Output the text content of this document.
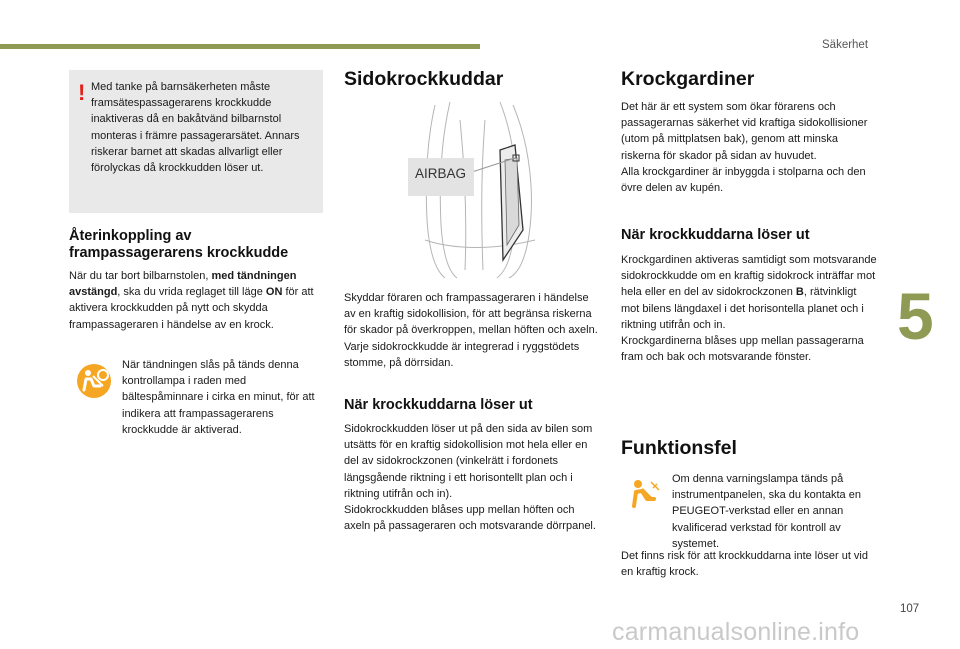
Säkerhet
5
! Med tanke på barnsäkerheten måste framsätespassagerarens krockkudde inaktiveras då en bakåtvänd bilbarnstol monteras i främre passagerarsätet. Annars riskerar barnet att skadas allvarligt eller förolyckas då krockkudden löser ut.
Återinkoppling av frampassagerarens krockkudde

När du tar bort bilbarnstolen, med tändningen avstängd, ska du vrida reglaget till läge ON för att aktivera krockkudden på nytt och skydda frampassageraren i händelse av en krock.

När tändningen slås på tänds denna kontrollampa i raden med bältespåminnare i cirka en minut, för att indikera att frampassagerarens krockkudde är aktiverad.

Sidokrockkuddar
AIRBAG

Skyddar föraren och frampassageraren i händelse av en kraftig sidokollision, för att begränsa riskerna för skador på överkroppen, mellan höften och axeln.

Varje sidokrockkudde är integrerad i ryggstödets stomme, på dörrsidan.

När krockkuddarna löser ut

Sidokrockkudden löser ut på den sida av bilen som utsätts för en kraftig sidokollision mot hela eller en del av sidokrockzonen (vinkelrätt i fordonets längsgående riktning i ett horisontellt plan och i riktning utifrån och in).

Sidokrockkudden blåses upp mellan höften och axeln på passageraren och motsvarande dörrpanel.

Krockgardiner

Det här är ett system som ökar förarens och passagerarnas säkerhet vid kraftiga sidokollisioner (utom på mittplatsen bak), genom att minska riskerna för skador på sidan av huvudet.

Alla krockgardiner är inbyggda i stolparna och den övre delen av kupén.

När krockkuddarna löser ut

Krockgardinen aktiveras samtidigt som motsvarande sidokrockkudde om en kraftig sidokrock inträffar mot hela eller en del av sidokrockzonen B, rätvinkligt mot bilens längdaxel i det horisontella planet och i riktning utifrån och in.

Krockgardinerna blåses upp mellan passagerarna fram och bak och motsvarande fönster.

Funktionsfel

Om denna varningslampa tänds på instrumentpanelen, ska du kontakta en PEUGEOT-verkstad eller en annan kvalificerad verkstad för kontroll av systemet.

Det finns risk för att krockkuddarna inte löser ut vid en kraftig krock.

107
carmanualsonline.info
